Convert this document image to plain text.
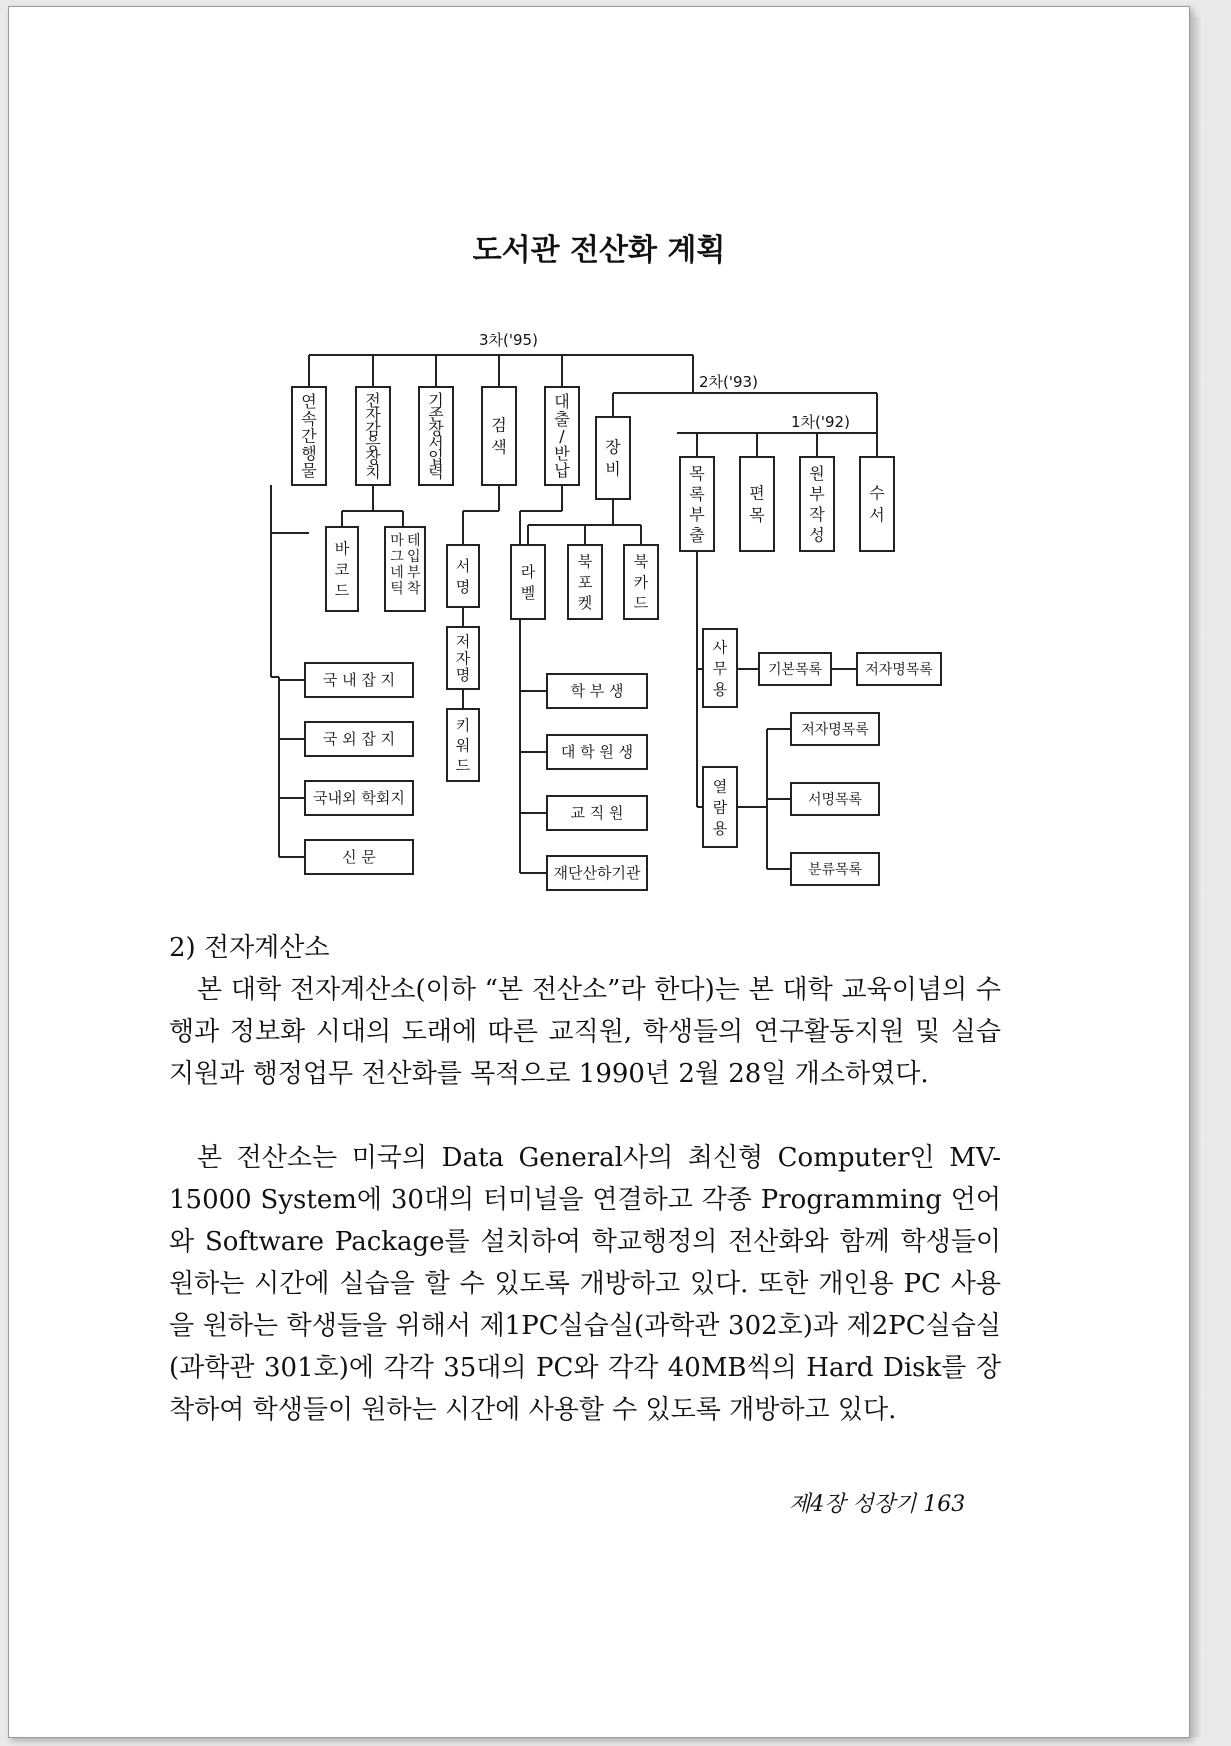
도서관 전산화 계획
3차('95)
2차('93)
1차('92)
연 속 간 행 물
전 자 감 응 장 치
기 존 장 서 입 력
검 색
대 출 / 반 납
장 비	목 록 부 출
편 목
원 부 작 성
수 서
국 내 잡 지
국 외 잡 지
국내외 학회지
신 문
바 코 드
마 그 네 틱테 입 부 착
서 명
저 자 명
키 워 드
학 부 생
대 학 원 생
교 직 원
재단산하기관
라 벨
북 포 켓
북 카 드
사 무 용
열 람 용
기본목록	저자명목록
저자명목록
서명목록
분류목록
2) 전자계산소
본 대학 전자계산소(이하 “본 전산소”라 한다)는 본 대학 교육이념의 수행과 정보화 시대의 도래에 따른 교직원, 학생들의 연구활동지원 및 실습 지원과 행정업무 전산화를 목적으로 1990년 2월 28일 개소하였다.
본 전산소는 미국의 Data General사의 최신형 Computer인 MV-15000 System에 30대의 터미널을 연결하고 각종 Programming 언어와 Software Package를 설치하여 학교행정의 전산화와 함께 학생들이 원하는 시간에 실습을 할 수 있도록 개방하고 있다. 또한 개인용 PC 사용을 원하는 학생들을 위해서 제1PC실습실(과학관 302호)과 제2PC실습실(과학관 301호)에 각각 35대의 PC와 각각 40MB씩의 Hard Disk를 장착하여 학생들이 원하는 시간에 사용할 수 있도록 개방하고 있다.
제4장 성장기 163
